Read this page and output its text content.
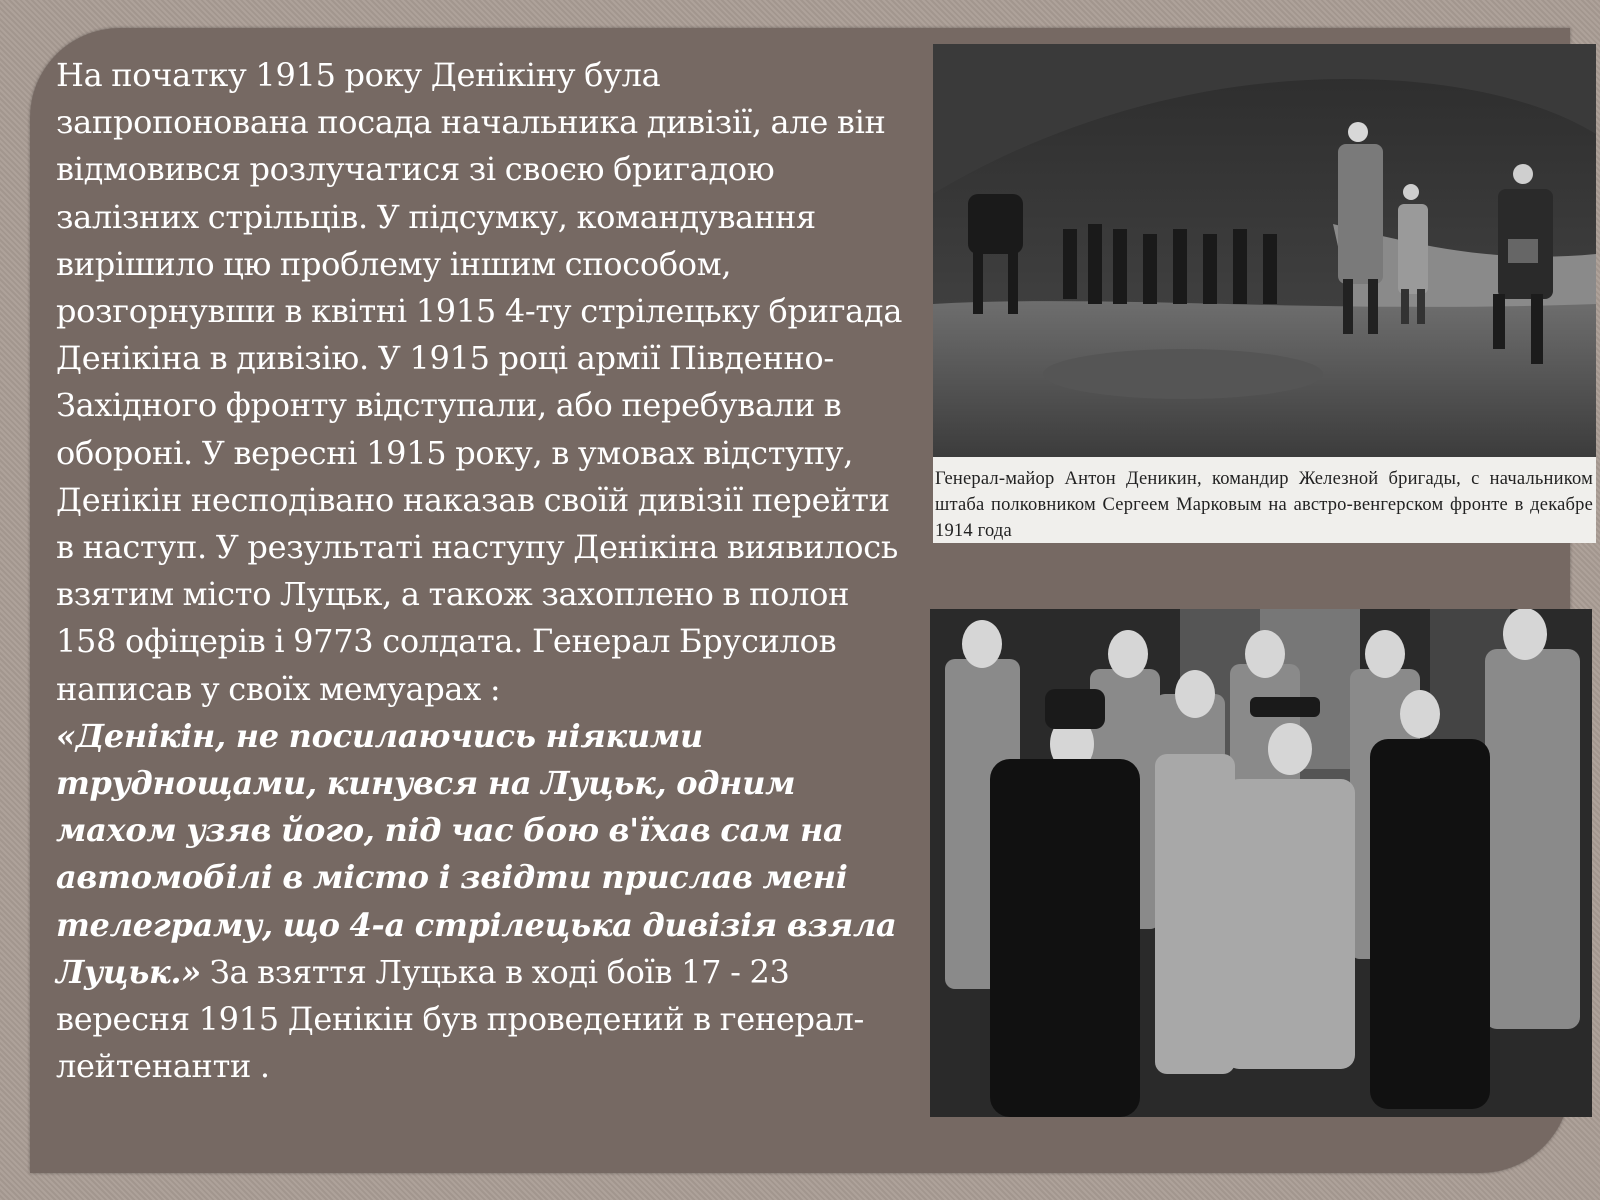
На початку 1915 року Денікіну була запропонована посада начальника дивізії, але він відмовився розлучатися зі своєю бригадою залізних стрільців. У підсумку, командування вирішило цю проблему іншим способом, розгорнувши в квітні 1915 4-ту стрілецьку бригада Денікіна в дивізію. У 1915 році армії Південно-Західного фронту відступали, або перебували в обороні. У вересні 1915 року, в умовах відступу, Денікін несподівано наказав своїй дивізії перейти в наступ. У результаті наступу Денікіна виявилось взятим місто Луцьк, а також захоплено в полон 158 офіцерів і 9773 солдата. Генерал Брусилов написав у своїх мемуарах :
«Денікін, не посилаючись ніякими труднощами, кинувся на Луцьк, одним махом узяв його, під час бою в'їхав сам на автомобілі в місто і звідти прислав мені телеграму, що 4-а стрілецька дивізія взяла Луцьк.» За взяття Луцька в ході боїв 17 - 23 вересня 1915 Денікін був проведений в генерал-лейтенанти .

Генерал-майор Антон Деникин, командир Железной бригады, с начальником штаба полковником Сергеем Марковым на австро-венгерском фронте в декабре 1914 года
